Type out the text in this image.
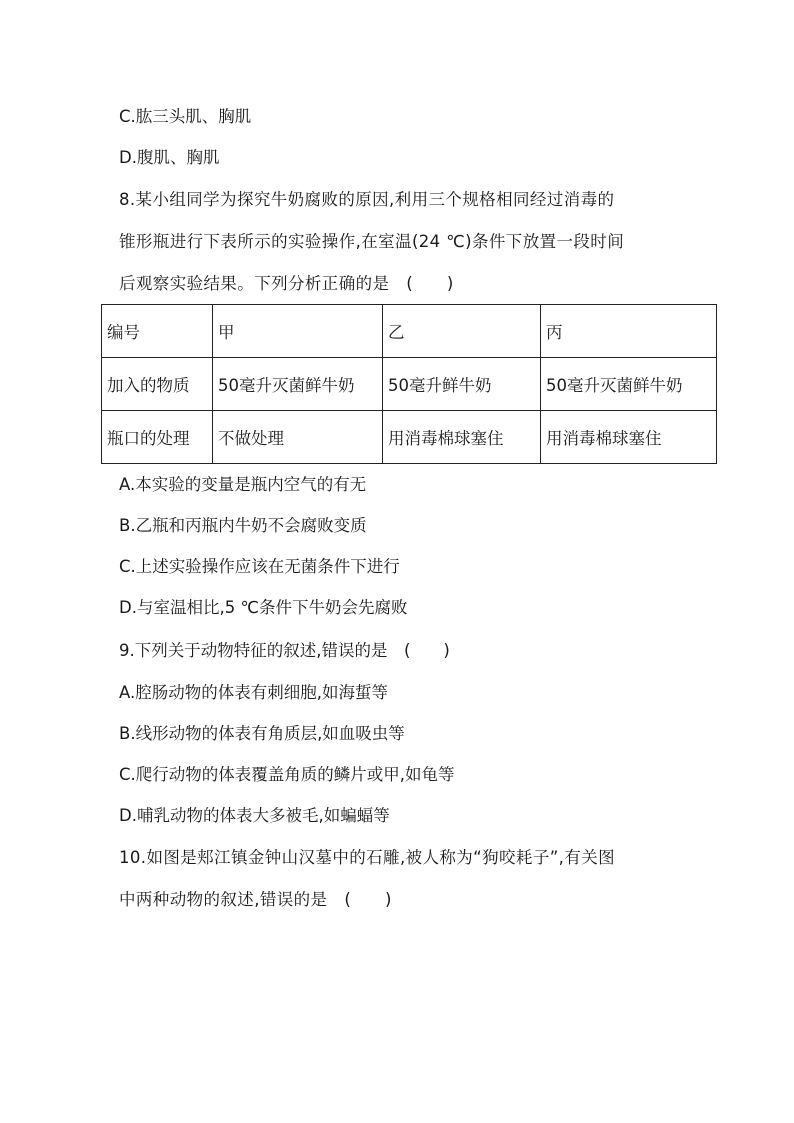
C.肱三头肌、胸肌
D.腹肌、胸肌
8.某小组同学为探究牛奶腐败的原因,利用三个规格相同经过消毒的
锥形瓶进行下表所示的实验操作,在室温(24 ℃)条件下放置一段时间
后观察实验结果。下列分析正确的是　(　　)
编号	甲	乙	丙
加入的物质	50毫升灭菌鲜牛奶	50毫升鲜牛奶	50毫升灭菌鲜牛奶
瓶口的处理	不做处理	用消毒棉球塞住	用消毒棉球塞住
A.本实验的变量是瓶内空气的有无
B.乙瓶和丙瓶内牛奶不会腐败变质
C.上述实验操作应该在无菌条件下进行
D.与室温相比,5 ℃条件下牛奶会先腐败
9.下列关于动物特征的叙述,错误的是　(　　)
A.腔肠动物的体表有刺细胞,如海蜇等
B.线形动物的体表有角质层,如血吸虫等
C.爬行动物的体表覆盖角质的鳞片或甲,如龟等
D.哺乳动物的体表大多被毛,如蝙蝠等
10.如图是郏江镇金钟山汉墓中的石雕,被人称为“狗咬耗子”,有关图
中两种动物的叙述,错误的是　(　　)
